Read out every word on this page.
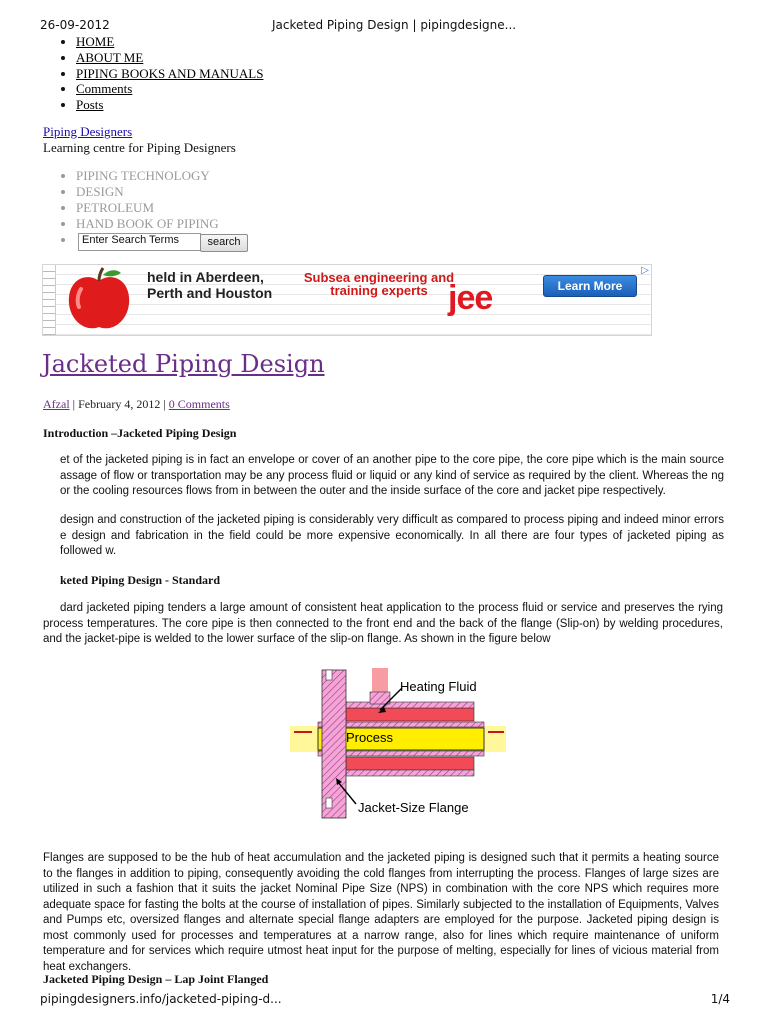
26-09-2012	Jacketed Piping Design | pipingdesigne...
• HOME
• ABOUT ME
• PIPING BOOKS AND MANUALS
• Comments
• Posts
Piping Designers
Learning centre for Piping Designers
• PIPING TECHNOLOGY
• DESIGN
• PETROLEUM
• HAND BOOK OF PIPING
•
Enter Search Terms	search
held in Aberdeen,
Perth and Houston
Subsea engineering and
training experts jee	Learn More
▷
Jacketed Piping Design
Afzal | February 4, 2012 | 0 Comments
Introduction –Jacketed Piping Design

et of the jacketed piping is in fact an envelope or cover of an another pipe to the core pipe, the core pipe which is the main source assage of flow or transportation may be any process fluid or liquid or any kind of service as required by the client. Whereas the ng or the cooling resources flows from in between the outer and the inside surface of the core and jacket pipe respectively.

design and construction of the jacketed piping is considerably very difficult as compared to process piping and indeed minor errors e design and fabrication in the field could be more expensive economically. In all there are four types of jacketed piping as followed w.

keted Piping Design - Standard

dard jacketed piping tenders a large amount of consistent heat application to the process fluid or service and preserves the rying process temperatures. The core pipe is then connected to the front end and the back of the flange (Slip-on) by welding procedures, and the jacket-pipe is welded to the lower surface of the slip-on flange. As shown in the figure below

Heating Fluid
Process
Jacket-Size Flange

Flanges are supposed to be the hub of heat accumulation and the jacketed piping is designed such that it permits a heating source to the flanges in addition to piping, consequently avoiding the cold flanges from interrupting the process. Flanges of large sizes are utilized in such a fashion that it suits the jacket Nominal Pipe Size (NPS) in combination with the core NPS which requires more adequate space for fasting the bolts at the course of installation of pipes. Similarly subjected to the installation of Equipments, Valves and Pumps etc, oversized flanges and alternate special flange adapters are employed for the purpose. Jacketed piping design is most commonly used for processes and temperatures at a narrow range, also for lines which require maintenance of uniform temperature and for services which require utmost heat input for the purpose of melting, especially for lines of vicious material from heat exchangers.

Jacketed Piping Design – Lap Joint Flanged
pipingdesigners.info/jacketed-piping-d...	1/4
